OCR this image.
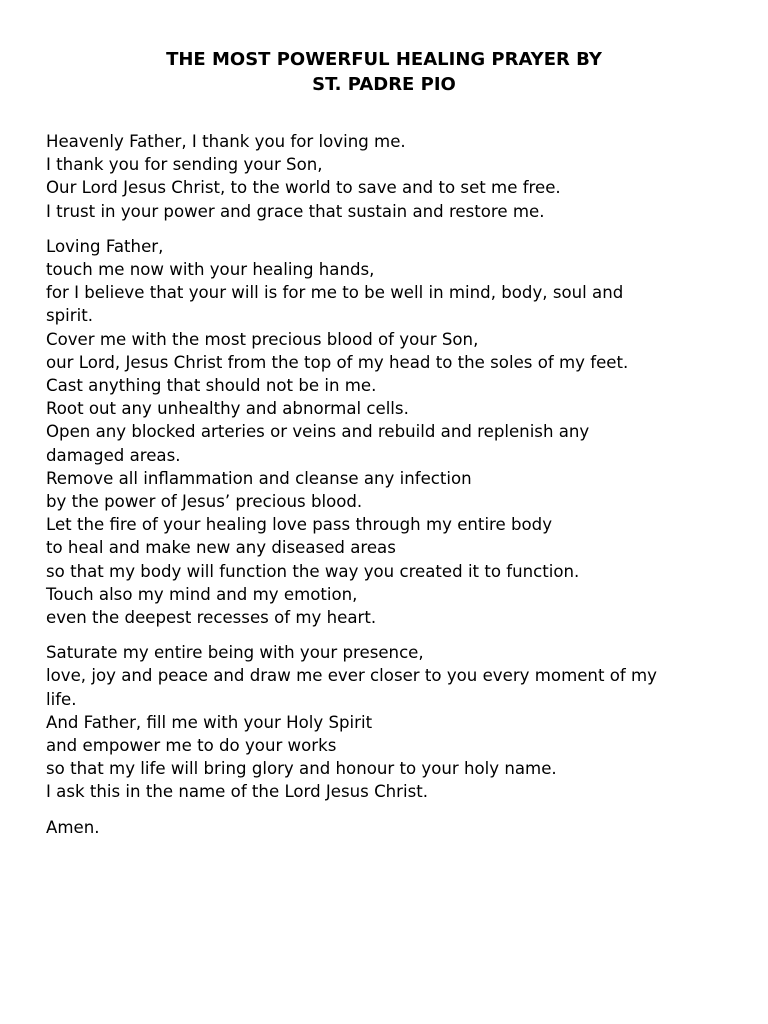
THE MOST POWERFUL HEALING PRAYER BY
ST. PADRE PIO
Heavenly Father, I thank you for loving me.
I thank you for sending your Son,
Our Lord Jesus Christ, to the world to save and to set me free.
I trust in your power and grace that sustain and restore me.
Loving Father,
touch me now with your healing hands,
for I believe that your will is for me to be well in mind, body, soul and
spirit.
Cover me with the most precious blood of your Son,
our Lord, Jesus Christ from the top of my head to the soles of my feet.
Cast anything that should not be in me.
Root out any unhealthy and abnormal cells.
Open any blocked arteries or veins and rebuild and replenish any
damaged areas.
Remove all inflammation and cleanse any infection
by the power of Jesus’ precious blood.
Let the fire of your healing love pass through my entire body
to heal and make new any diseased areas
so that my body will function the way you created it to function.
Touch also my mind and my emotion,
even the deepest recesses of my heart.
Saturate my entire being with your presence,
love, joy and peace and draw me ever closer to you every moment of my
life.
And Father, fill me with your Holy Spirit
and empower me to do your works
so that my life will bring glory and honour to your holy name.
I ask this in the name of the Lord Jesus Christ.
Amen.
